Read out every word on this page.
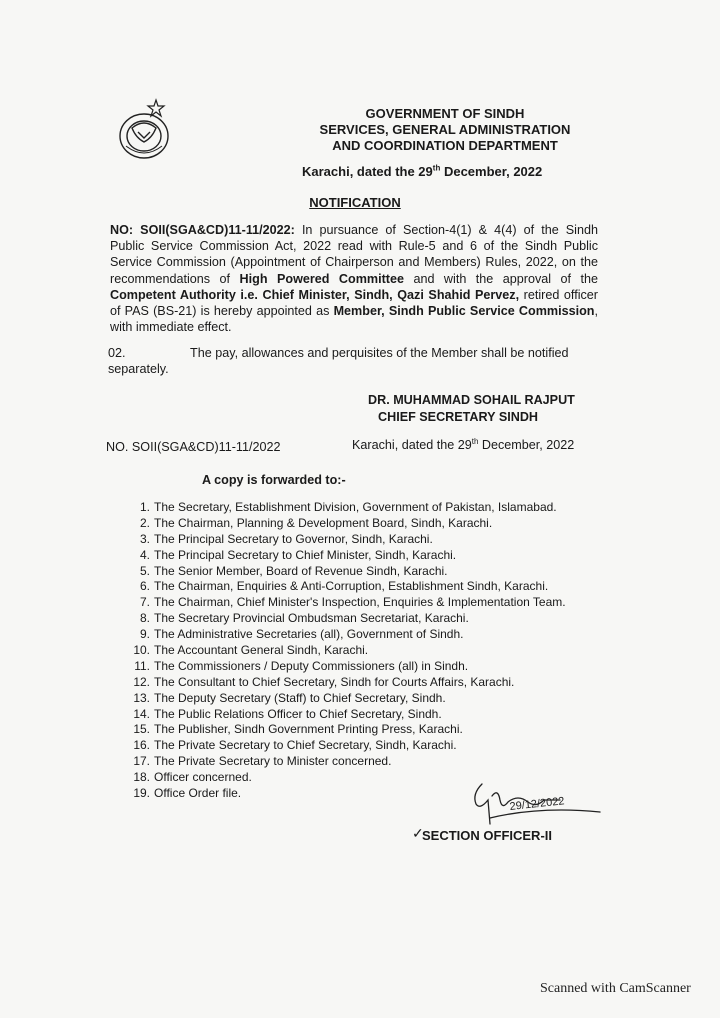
GOVERNMENT OF SINDH
SERVICES, GENERAL ADMINISTRATION
AND COORDINATION DEPARTMENT
Karachi, dated the 29th December, 2022
NOTIFICATION
NO: SOII(SGA&CD)11-11/2022: In pursuance of Section-4(1) & 4(4) of the Sindh Public Service Commission Act, 2022 read with Rule-5 and 6 of the Sindh Public Service Commission (Appointment of Chairperson and Members) Rules, 2022, on the recommendations of High Powered Committee and with the approval of the Competent Authority i.e. Chief Minister, Sindh, Qazi Shahid Pervez, retired officer of PAS (BS-21) is hereby appointed as Member, Sindh Public Service Commission, with immediate effect.
02.	The pay, allowances and perquisites of the Member shall be notified separately.
DR. MUHAMMAD SOHAIL RAJPUT
CHIEF SECRETARY SINDH
NO. SOII(SGA&CD)11-11/2022	Karachi, dated the 29th December, 2022
A copy is forwarded to:-
1. The Secretary, Establishment Division, Government of Pakistan, Islamabad.
2. The Chairman, Planning & Development Board, Sindh, Karachi.
3. The Principal Secretary to Governor, Sindh, Karachi.
4. The Principal Secretary to Chief Minister, Sindh, Karachi.
5. The Senior Member, Board of Revenue Sindh, Karachi.
6. The Chairman, Enquiries & Anti-Corruption, Establishment Sindh, Karachi.
7. The Chairman, Chief Minister's Inspection, Enquiries & Implementation Team.
8. The Secretary Provincial Ombudsman Secretariat, Karachi.
9. The Administrative Secretaries (all), Government of Sindh.
10. The Accountant General Sindh, Karachi.
11. The Commissioners / Deputy Commissioners (all) in Sindh.
12. The Consultant to Chief Secretary, Sindh for Courts Affairs, Karachi.
13. The Deputy Secretary (Staff) to Chief Secretary, Sindh.
14. The Public Relations Officer to Chief Secretary, Sindh.
15. The Publisher, Sindh Government Printing Press, Karachi.
16. The Private Secretary to Chief Secretary, Sindh, Karachi.
17. The Private Secretary to Minister concerned.
18. Officer concerned.
19. Office Order file.
29/12/2022
✓
SECTION OFFICER-II
Scanned with CamScanner
